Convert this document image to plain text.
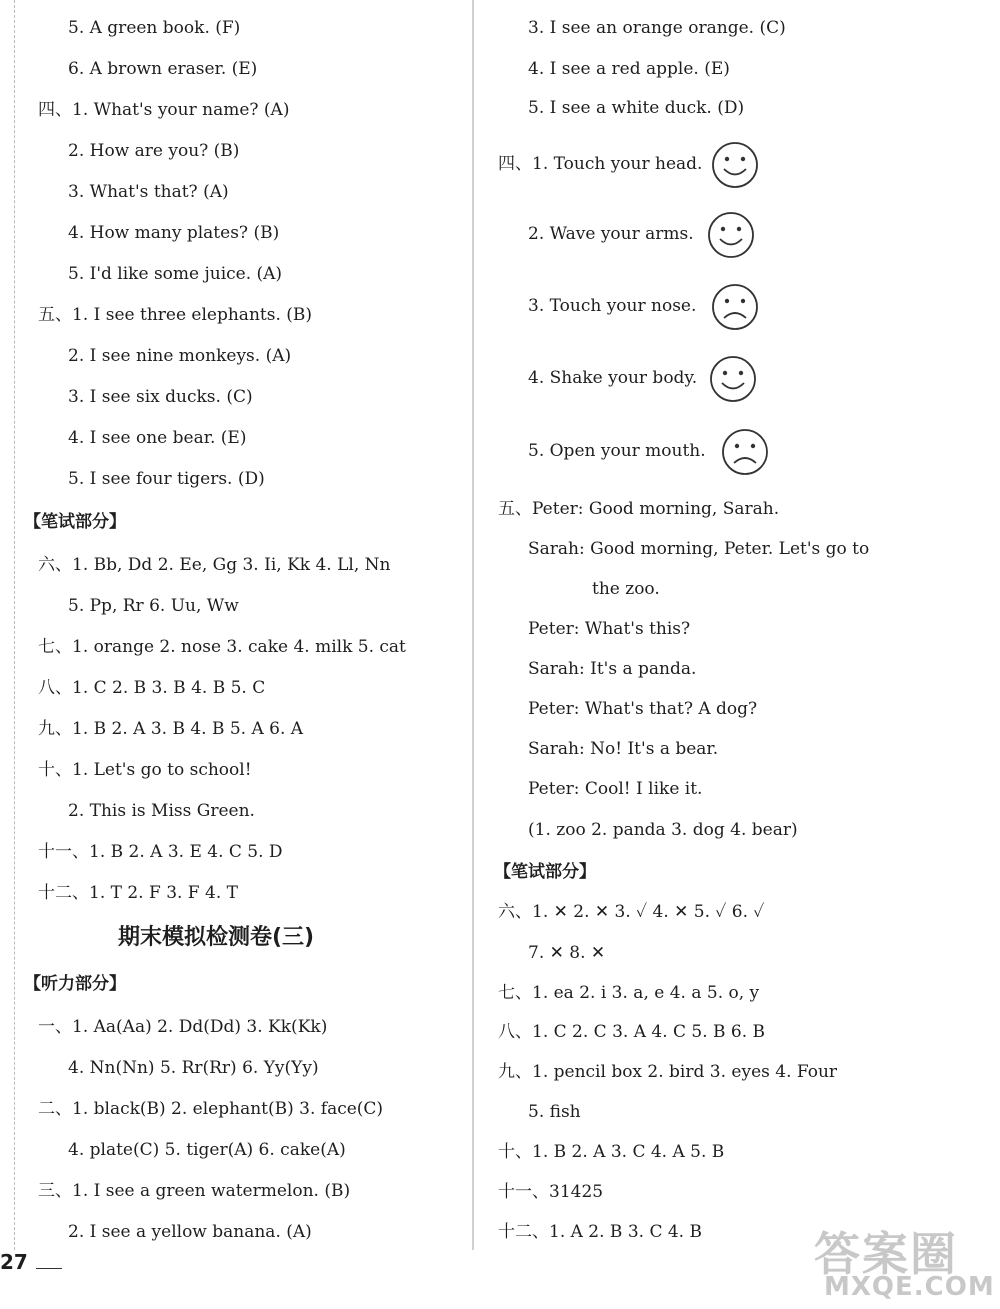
5. A green book. (F)
6. A brown eraser. (E)
四、1. What's your name? (A)
2. How are you? (B)
3. What's that? (A)
4. How many plates? (B)
5. I'd like some juice. (A)
五、1. I see three elephants. (B)
2. I see nine monkeys. (A)
3. I see six ducks. (C)
4. I see one bear. (E)
5. I see four tigers. (D)
【笔试部分】
六、1. Bb, Dd 2. Ee, Gg 3. Ii, Kk 4. Ll, Nn
5. Pp, Rr 6. Uu, Ww
七、1. orange 2. nose 3. cake 4. milk 5. cat
八、1. C 2. B 3. B 4. B 5. C
九、1. B 2. A 3. B 4. B 5. A 6. A
十、1. Let's go to school!
2. This is Miss Green.
十一、1. B 2. A 3. E 4. C 5. D
十二、1. T 2. F 3. F 4. T
期末模拟检测卷(三)
【听力部分】
一、1. Aa(Aa) 2. Dd(Dd) 3. Kk(Kk)
4. Nn(Nn) 5. Rr(Rr) 6. Yy(Yy)
二、1. black(B) 2. elephant(B) 3. face(C)
4. plate(C) 5. tiger(A) 6. cake(A)
三、1. I see a green watermelon. (B)
2. I see a yellow banana. (A)
3. I see an orange orange. (C)
4. I see a red apple. (E)
5. I see a white duck. (D)
四、1. Touch your head.
2. Wave your arms.
3. Touch your nose.
4. Shake your body.
5. Open your mouth.
五、Peter: Good morning, Sarah.
Sarah: Good morning, Peter. Let's go to
the zoo.
Peter: What's this?
Sarah: It's a panda.
Peter: What's that? A dog?
Sarah: No! It's a bear.
Peter: Cool! I like it.
(1. zoo 2. panda 3. dog 4. bear)
【笔试部分】
六、1. ✕ 2. ✕ 3. ✓ 4. ✕ 5. ✓ 6. ✓
7. ✕ 8. ✕
七、1. ea 2. i 3. a, e 4. a 5. o, y
八、1. C 2. C 3. A 4. C 5. B 6. B
九、1. pencil box 2. bird 3. eyes 4. Four
5. fish
十、1. B 2. A 3. C 4. A 5. B
十一、31425
十二、1. A 2. B 3. C 4. B
27	答案圈
MXQE.COM
